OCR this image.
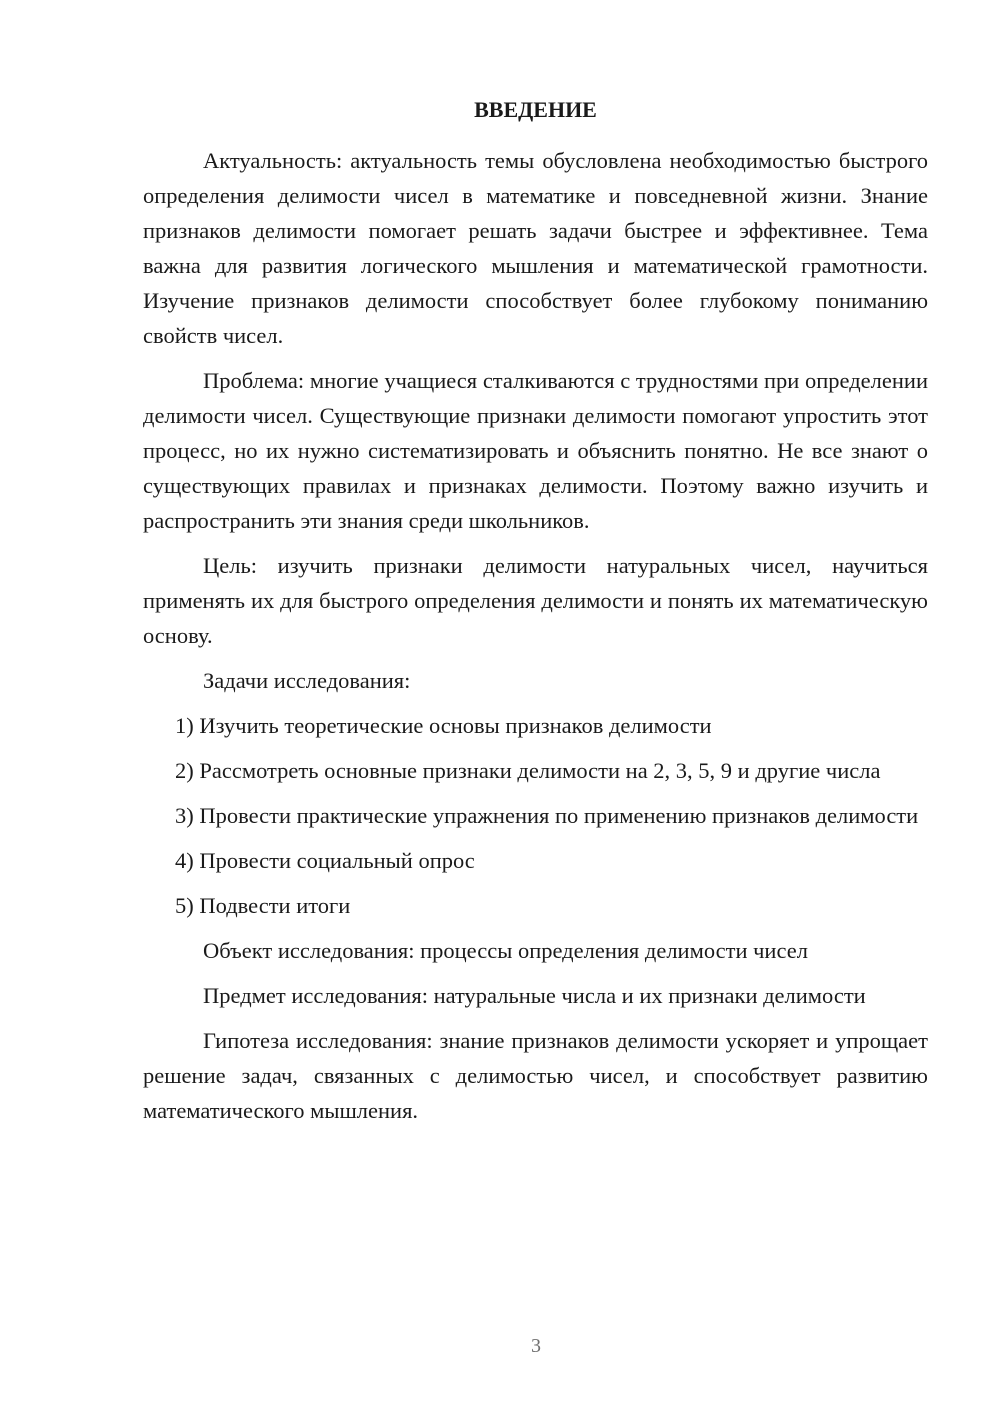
ВВЕДЕНИЕ

Актуальность: актуальность темы обусловлена необходимостью быстрого определения делимости чисел в математике и повседневной жизни. Знание признаков делимости помогает решать задачи быстрее и эффективнее. Тема важна для развития логического мышления и математической грамотности. Изучение признаков делимости способствует более глубокому пониманию свойств чисел.

Проблема: многие учащиеся сталкиваются с трудностями при определении делимости чисел. Существующие признаки делимости помогают упростить этот процесс, но их нужно систематизировать и объяснить понятно. Не все знают о существующих правилах и признаках делимости. Поэтому важно изучить и распространить эти знания среди школьников.

Цель: изучить признаки делимости натуральных чисел, научиться применять их для быстрого определения делимости и понять их математическую основу.

Задачи исследования:

1) Изучить теоретические основы признаков делимости

2) Рассмотреть основные признаки делимости на 2, 3, 5, 9 и другие числа

3) Провести практические упражнения по применению признаков делимости

4) Провести социальный опрос

5) Подвести итоги

Объект исследования: процессы определения делимости чисел

Предмет исследования: натуральные числа и их признаки делимости

Гипотеза исследования: знание признаков делимости ускоряет и упрощает решение задач, связанных с делимостью чисел, и способствует развитию математического мышления.

3
